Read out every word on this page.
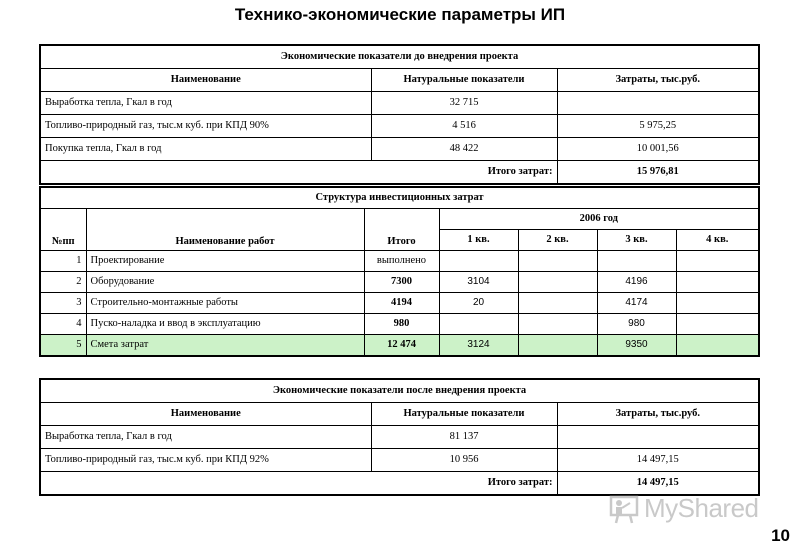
Технико-экономические параметры ИП
Экономические показатели до внедрения проекта		
Наименование	Натуральные показатели	Затраты, тыс.руб.
Выработка тепла, Гкал в год	32 715	
Топливо-природный газ, тыс.м куб. при КПД 90%	4 516	5 975,25
Покупка тепла, Гкал в год	48 422	10 001,56
Итого затрат:		15 976,81
Структура инвестиционных затрат						
№пп	Наименование работ	Итого	2006 год			
			1 кв.	2 кв.	3 кв.	4 кв.
1	Проектирование	выполнено				
2	Оборудование	7300	3104		4196	
3	Строительно-монтажные работы	4194	20		4174	
4	Пуско-наладка и ввод в эксплуатацию	980			980	
5	Смета затрат	12 474	3124		9350	
Экономические показатели после внедрения проекта		
Наименование	Натуральные показатели	Затраты, тыс.руб.
Выработка тепла, Гкал в год	81 137	
Топливо-природный газ, тыс.м куб. при КПД 92%	10 956	14 497,15
Итого затрат:		14 497,15
MyShared
10
